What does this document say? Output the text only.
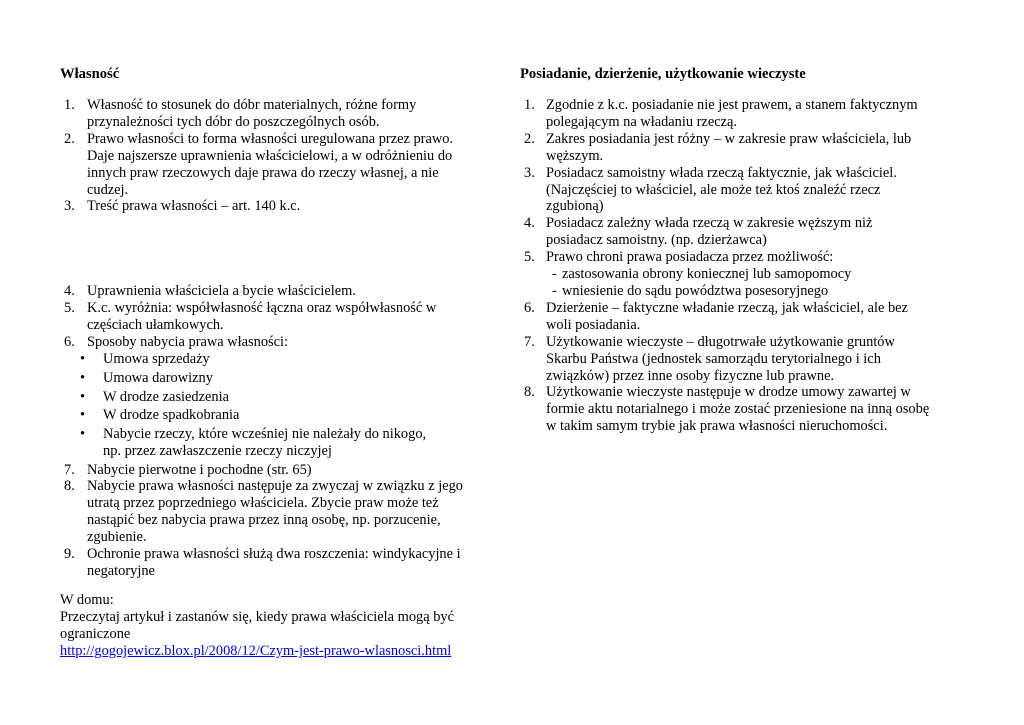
Własność
1. Własność to stosunek do dóbr materialnych, różne formy
przynależności tych dóbr do poszczególnych osób.
2. Prawo własności to forma własności uregulowana przez prawo.
Daje najszersze uprawnienia właścicielowi, a w odróżnieniu do
innych praw rzeczowych daje prawa do rzeczy własnej, a nie
cudzej.
3. Treść prawa własności – art. 140 k.c.
4. Uprawnienia właściciela a bycie właścicielem.
5. K.c. wyróżnia: współwłasność łączna oraz współwłasność w
częściach ułamkowych.
6. Sposoby nabycia prawa własności:
• Umowa sprzedaży
• Umowa darowizny
• W drodze zasiedzenia
• W drodze spadkobrania
• Nabycie rzeczy, które wcześniej nie należały do nikogo,
np. przez zawłaszczenie rzeczy niczyjej
7. Nabycie pierwotne i pochodne (str. 65)
8. Nabycie prawa własności następuje za zwyczaj w związku z jego
utratą przez poprzedniego właściciela. Zbycie praw może też
nastąpić bez nabycia prawa przez inną osobę, np. porzucenie,
zgubienie.
9. Ochronie prawa własności służą dwa roszczenia: windykacyjne i
negatoryjne
W domu:
Przeczytaj artykuł i zastanów się, kiedy prawa właściciela mogą być
ograniczone
http://gogojewicz.blox.pl/2008/12/Czym-jest-prawo-wlasnosci.html
Posiadanie, dzierżenie, użytkowanie wieczyste
1. Zgodnie z k.c. posiadanie nie jest prawem, a stanem faktycznym
polegającym na władaniu rzeczą.
2. Zakres posiadania jest różny – w zakresie praw właściciela, lub
węższym.
3. Posiadacz samoistny włada rzeczą faktycznie, jak właściciel.
(Najczęściej to właściciel, ale może też ktoś znaleźć rzecz
zgubioną)
4. Posiadacz zależny włada rzeczą w zakresie węższym niż
posiadacz samoistny. (np. dzierżawca)
5. Prawo chroni prawa posiadacza przez możliwość:
- zastosowania obrony koniecznej lub samopomocy
- wniesienie do sądu powództwa posesoryjnego
6. Dzierżenie – faktyczne władanie rzeczą, jak właściciel, ale bez
woli posiadania.
7. Użytkowanie wieczyste – długotrwałe użytkowanie gruntów
Skarbu Państwa (jednostek samorządu terytorialnego i ich
związków) przez inne osoby fizyczne lub prawne.
8. Użytkowanie wieczyste następuje w drodze umowy zawartej w
formie aktu notarialnego i może zostać przeniesione na inną osobę
w takim samym trybie jak prawa własności nieruchomości.
